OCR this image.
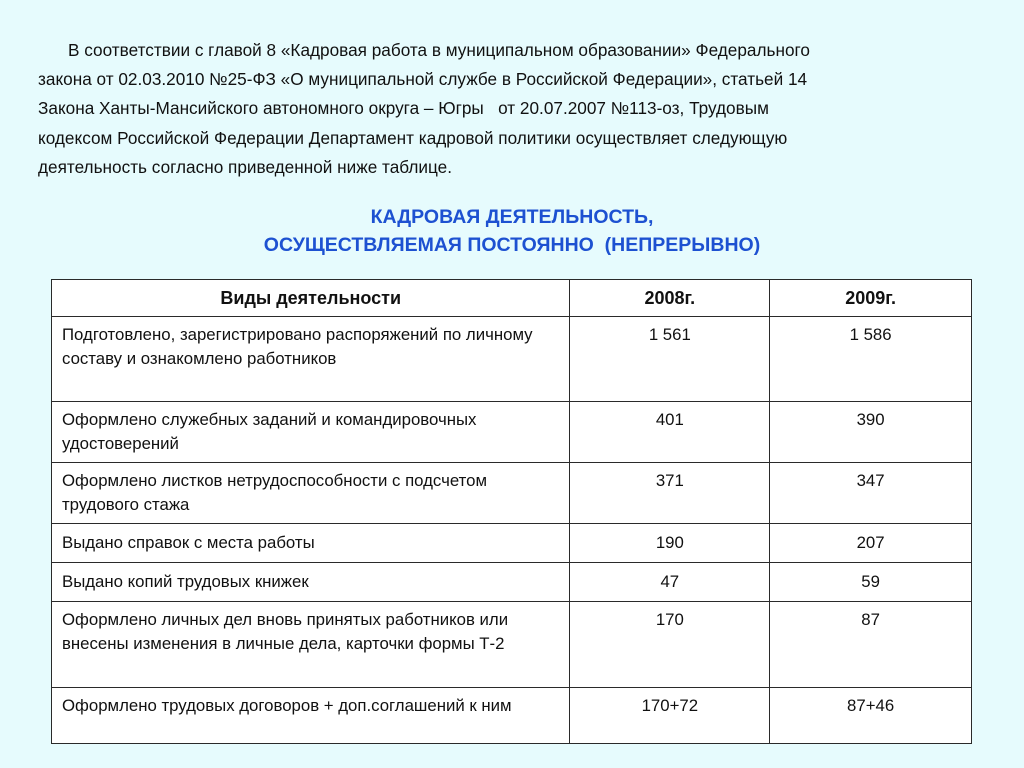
В соответствии с главой 8 «Кадровая работа в муниципальном образовании» Федерального
закона от 02.03.2010 №25-ФЗ «О муниципальной службе в Российской Федерации», статьей 14
Закона Ханты-Мансийского автономного округа – Югры   от 20.07.2007 №113-оз, Трудовым
кодексом Российской Федерации Департамент кадровой политики осуществляет следующую
деятельность согласно приведенной ниже таблице.
КАДРОВАЯ ДЕЯТЕЛЬНОСТЬ,
ОСУЩЕСТВЛЯЕМАЯ ПОСТОЯННО  (НЕПРЕРЫВНО)
Виды деятельности	2008г.	2009г.
Подготовлено, зарегистрировано распоряжений по личному составу и ознакомлено работников	1 561	1 586
Оформлено служебных заданий и командировочных удостоверений	401	390
Оформлено листков нетрудоспособности с подсчетом трудового стажа	371	347
Выдано справок с места работы	190	207
Выдано копий трудовых книжек	47	59
Оформлено личных дел вновь принятых работников или внесены изменения в личные дела, карточки формы Т-2	170	87
Оформлено трудовых договоров + доп.соглашений к ним	170+72	87+46
